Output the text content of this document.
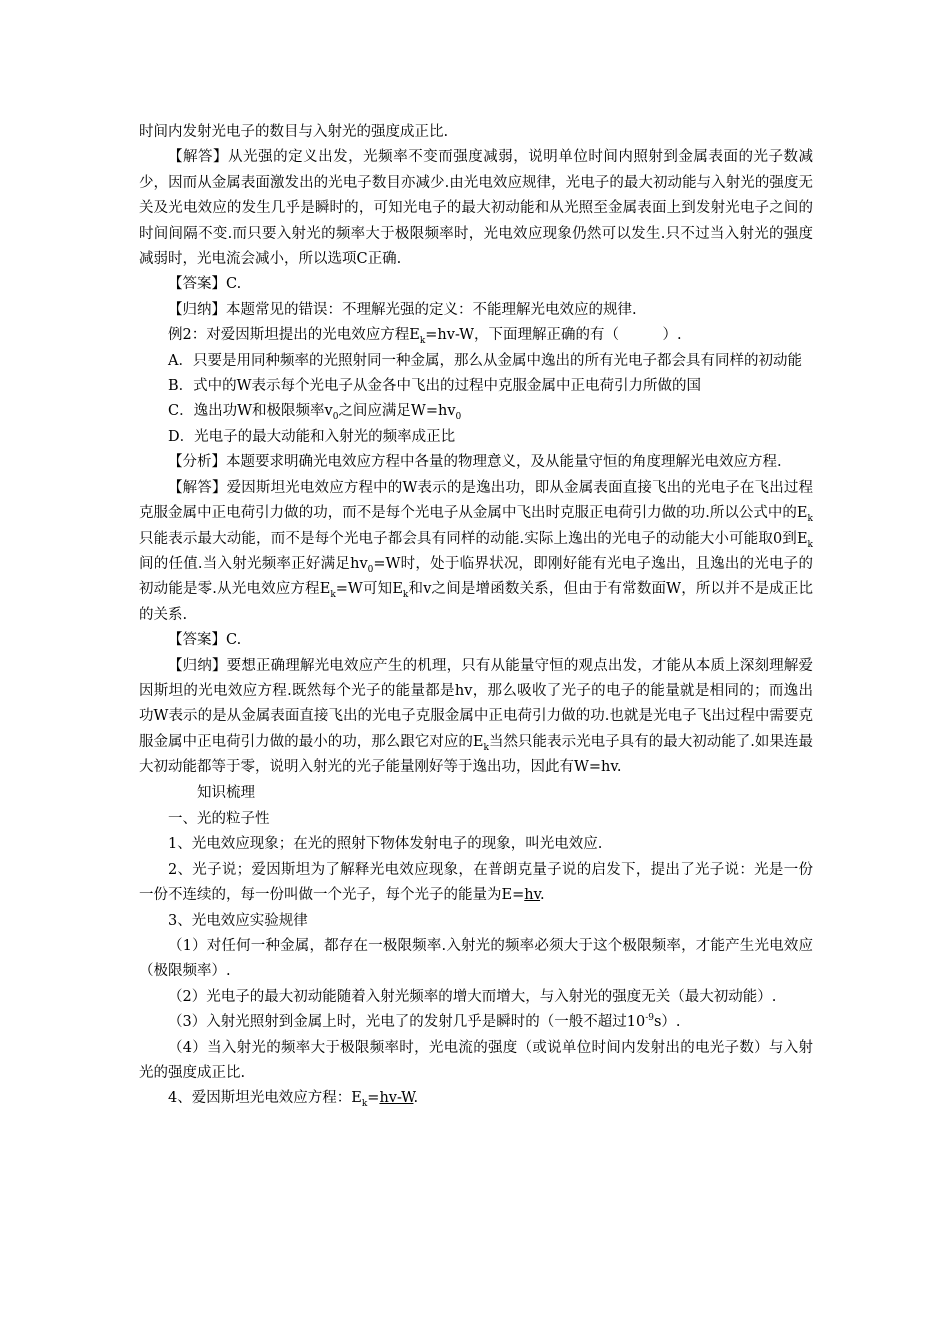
时间内发射光电子的数目与入射光的强度成正比.

【解答】从光强的定义出发，光频率不变而强度减弱，说明单位时间内照射到金属表面的光子数减少，因而从金属表面激发出的光电子数目亦减少.由光电效应规律，光电子的最大初动能与入射光的强度无关及光电效应的发生几乎是瞬时的，可知光电子的最大初动能和从光照至金属表面上到发射光电子之间的时间间隔不变.而只要入射光的频率大于极限频率时，光电效应现象仍然可以发生.只不过当入射光的强度减弱时，光电流会减小，所以选项C正确.

【答案】C.

【归纳】本题常见的错误：不理解光强的定义：不能理解光电效应的规律.

例2：对爱因斯坦提出的光电效应方程$E_k=hv-W$，下面理解正确的有（　　　）.

A．只要是用同种频率的光照射同一种金属，那么从金属中逸出的所有光电子都会具有同样的初动能

B．式中的W表示每个光电子从金各中飞出的过程中克服金属中正电荷引力所做的国

C．逸出功W和极限频率$v_0$之间应满足$W=hv_0$

D．光电子的最大动能和入射光的频率成正比

【分析】本题要求明确光电效应方程中各量的物理意义，及从能量守恒的角度理解光电效应方程.

【解答】爱因斯坦光电效应方程中的W表示的是逸出功，即从金属表面直接飞出的光电子在飞出过程克服金属中正电荷引力做的功，而不是每个光电子从金属中飞出时克服正电荷引力做的功.所以公式中的$E_k$只能表示最大动能，而不是每个光电子都会具有同样的动能.实际上逸出的光电子的动能大小可能取0到$E_k$间的任值.当入射光频率正好满足$hv_0=W$时，处于临界状况，即刚好能有光电子逸出，且逸出的光电子的初动能是零.从光电效应方程$E_k=W$可知$E_k$和v之间是增函数关系，但由于有常数面W，所以并不是成正比的关系.

【答案】C.

【归纳】要想正确理解光电效应产生的机理，只有从能量守恒的观点出发，才能从本质上深刻理解爱因斯坦的光电效应方程.既然每个光子的能量都是hv，那么吸收了光子的电子的能量就是相同的；而逸出功W表示的是从金属表面直接飞出的光电子克服金属中正电荷引力做的功.也就是光电子飞出过程中需要克服金属中正电荷引力做的最小的功，那么跟它对应的$E_k$当然只能表示光电子具有的最大初动能了.如果连最大初动能都等于零，说明入射光的光子能量刚好等于逸出功，因此有W=hv.

知识梳理

一、光的粒子性

1、光电效应现象；在光的照射下物体发射电子的现象，叫光电效应.

2、光子说；爱因斯坦为了解释光电效应现象，在普朗克量子说的启发下，提出了光子说：光是一份一份不连续的，每一份叫做一个光子，每个光子的能量为E=hv.

3、光电效应实验规律

（1）对任何一种金属，都存在一极限频率.入射光的频率必须大于这个极限频率，才能产生光电效应（极限频率）.

（2）光电子的最大初动能随着入射光频率的增大而增大，与入射光的强度无关（最大初动能）.

（3）入射光照射到金属上时，光电了的发射几乎是瞬时的（一般不超过$10^{-9}s$）.

（4）当入射光的频率大于极限频率时，光电流的强度（或说单位时间内发射出的电光子数）与入射光的强度成正比.

4、爱因斯坦光电效应方程：$E_k=hv-W$.
